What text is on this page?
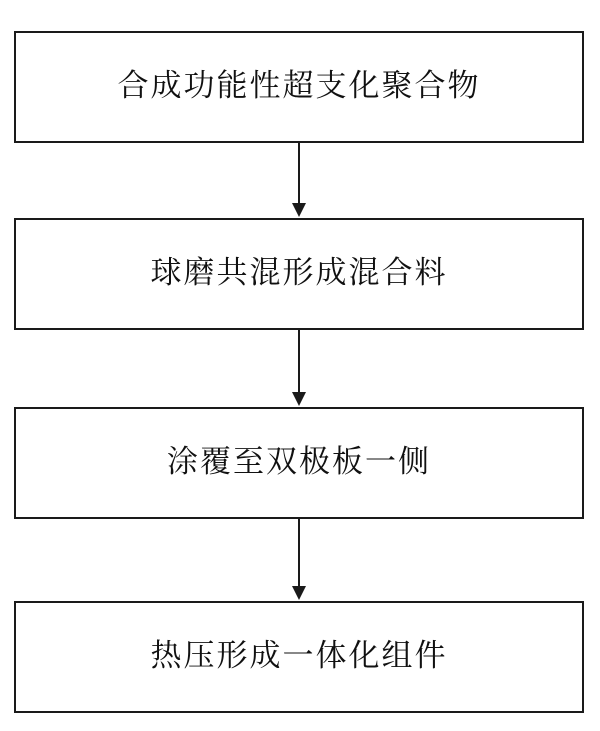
合成功能性超支化聚合物
球磨共混形成混合料
涂覆至双极板一侧
热压形成一体化组件
